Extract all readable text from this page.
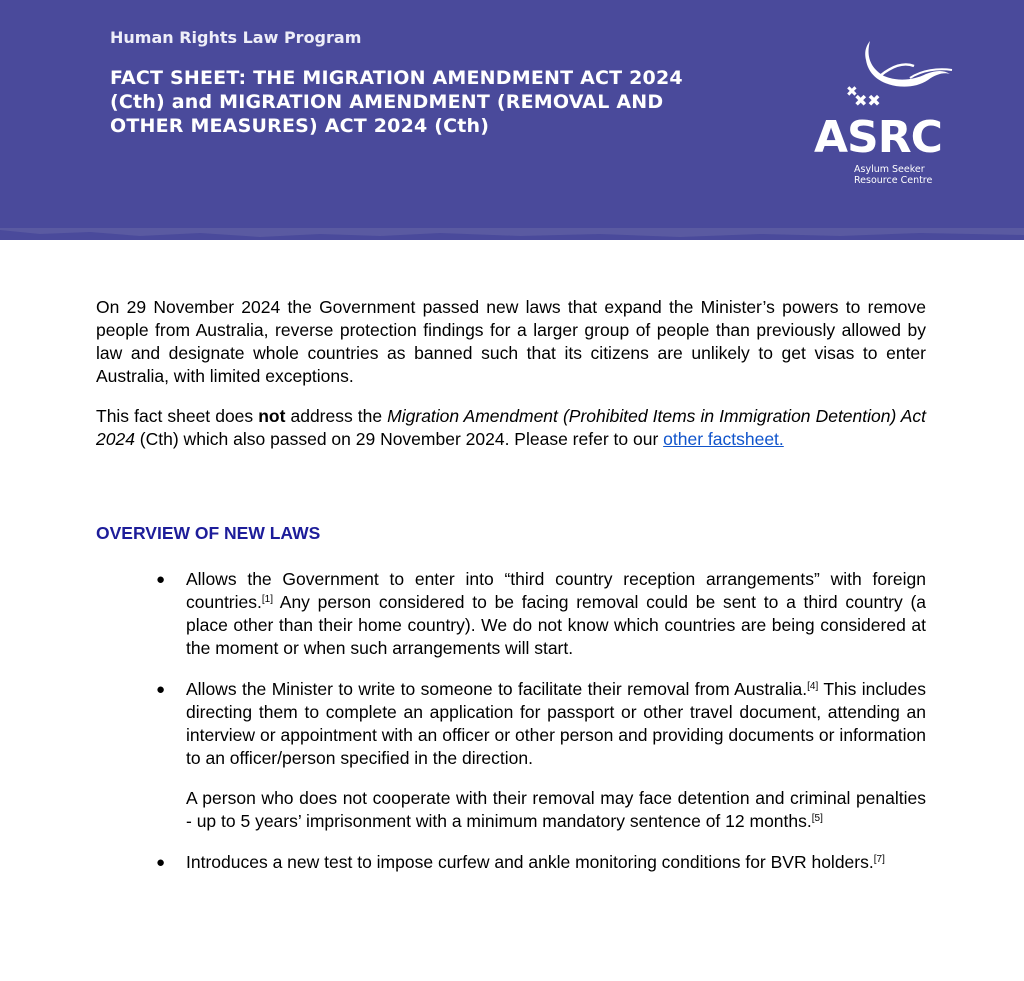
Human Rights Law Program
FACT SHEET: THE MIGRATION AMENDMENT ACT 2024 (Cth) and MIGRATION AMENDMENT (REMOVAL AND OTHER MEASURES) ACT 2024 (Cth)
✖✖
✖
ASRC
Asylum Seeker
Resource Centre

On 29 November 2024 the Government passed new laws that expand the Minister’s powers to remove people from Australia, reverse protection findings for a larger group of people than previously allowed by law and designate whole countries as banned such that its citizens are unlikely to get visas to enter Australia, with limited exceptions.

This fact sheet does not address the Migration Amendment (Prohibited Items in Immigration Detention) Act 2024 (Cth) which also passed on 29 November 2024. Please refer to our other factsheet.

OVERVIEW OF NEW LAWS
● Allows the Government to enter into “third country reception arrangements” with foreign countries.[1] Any person considered to be facing removal could be sent to a third country (a place other than their home country). We do not know which countries are being considered at the moment or when such arrangements will start.

● Allows the Minister to write to someone to facilitate their removal from Australia.[4] This includes directing them to complete an application for passport or other travel document, attending an interview or appointment with an officer or other person and providing documents or information to an officer/person specified in the direction.

A person who does not cooperate with their removal may face detention and criminal penalties - up to 5 years’ imprisonment with a minimum mandatory sentence of 12 months.[5]

● Introduces a new test to impose curfew and ankle monitoring conditions for BVR holders.[7]
